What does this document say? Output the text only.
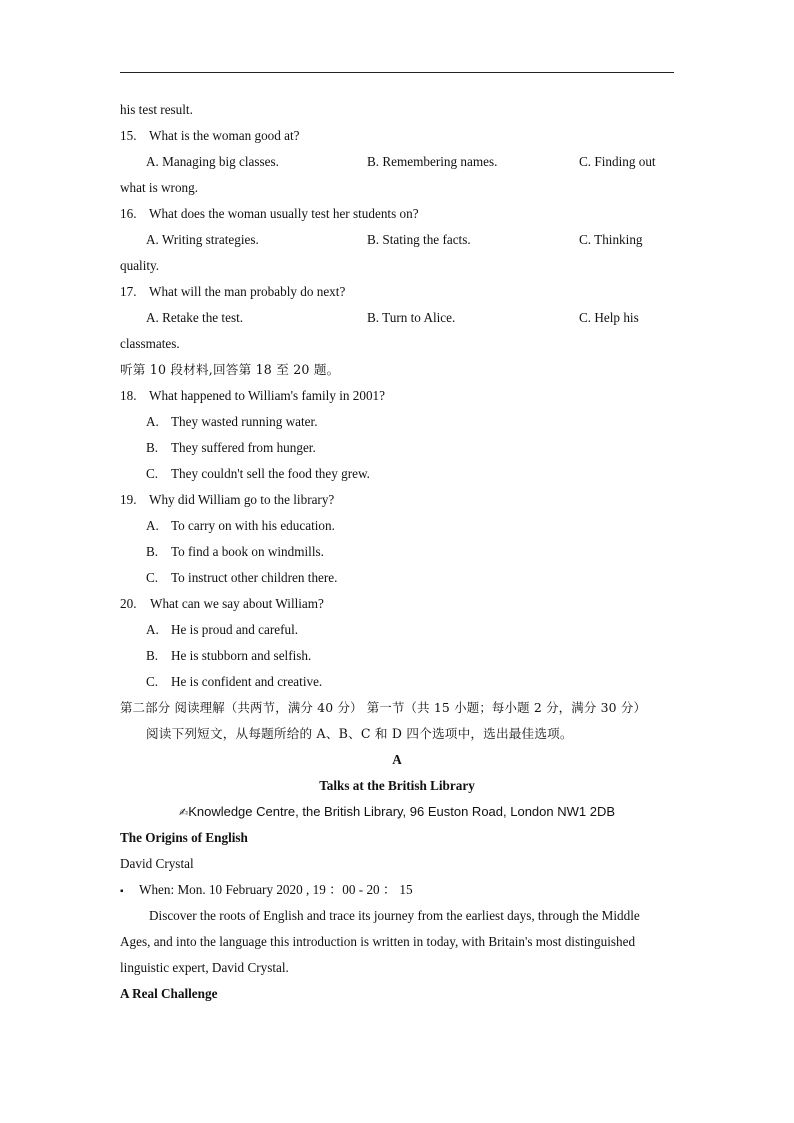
his test result.
15. What is the woman good at?
A. Managing big classes.	B. Remembering names.	C. Finding out
what is wrong.
16. What does the woman usually test her students on?
A. Writing strategies.	B. Stating the facts.	C. Thinking
quality.
17. What will the man probably do next?
A. Retake the test.	B. Turn to Alice.	C. Help his
classmates.
听第 10 段材料,回答第 18 至 20 题。
18. What happened to William's family in 2001?
A. They wasted running water.
B. They suffered from hunger.
C. They couldn't sell the food they grew.
19. Why did William go to the library?
A. To carry on with his education.
B. To find a book on windmills.
C. To instruct other children there.
20. What can we say about William?
A. He is proud and careful.
B. He is stubborn and selfish.
C. He is confident and creative.
第二部分 阅读理解（共两节，满分 40 分） 第一节（共 15 小题；每小题 2 分，满分 30 分）
阅读下列短文，从每题所给的 A、B、C 和 D 四个选项中，选出最佳选项。
A
Talks at the British Library
✍Knowledge Centre, the British Library, 96 Euston Road, London NW1 2DB
The Origins of English
David Crystal
▪ When: Mon. 10 February 2020 , 19 ：00 - 20 ： 15
Discover the roots of English and trace its journey from the earliest days, through the Middle
Ages, and into the language this introduction is written in today, with Britain's most distinguished
linguistic expert, David Crystal.
A Real Challenge
